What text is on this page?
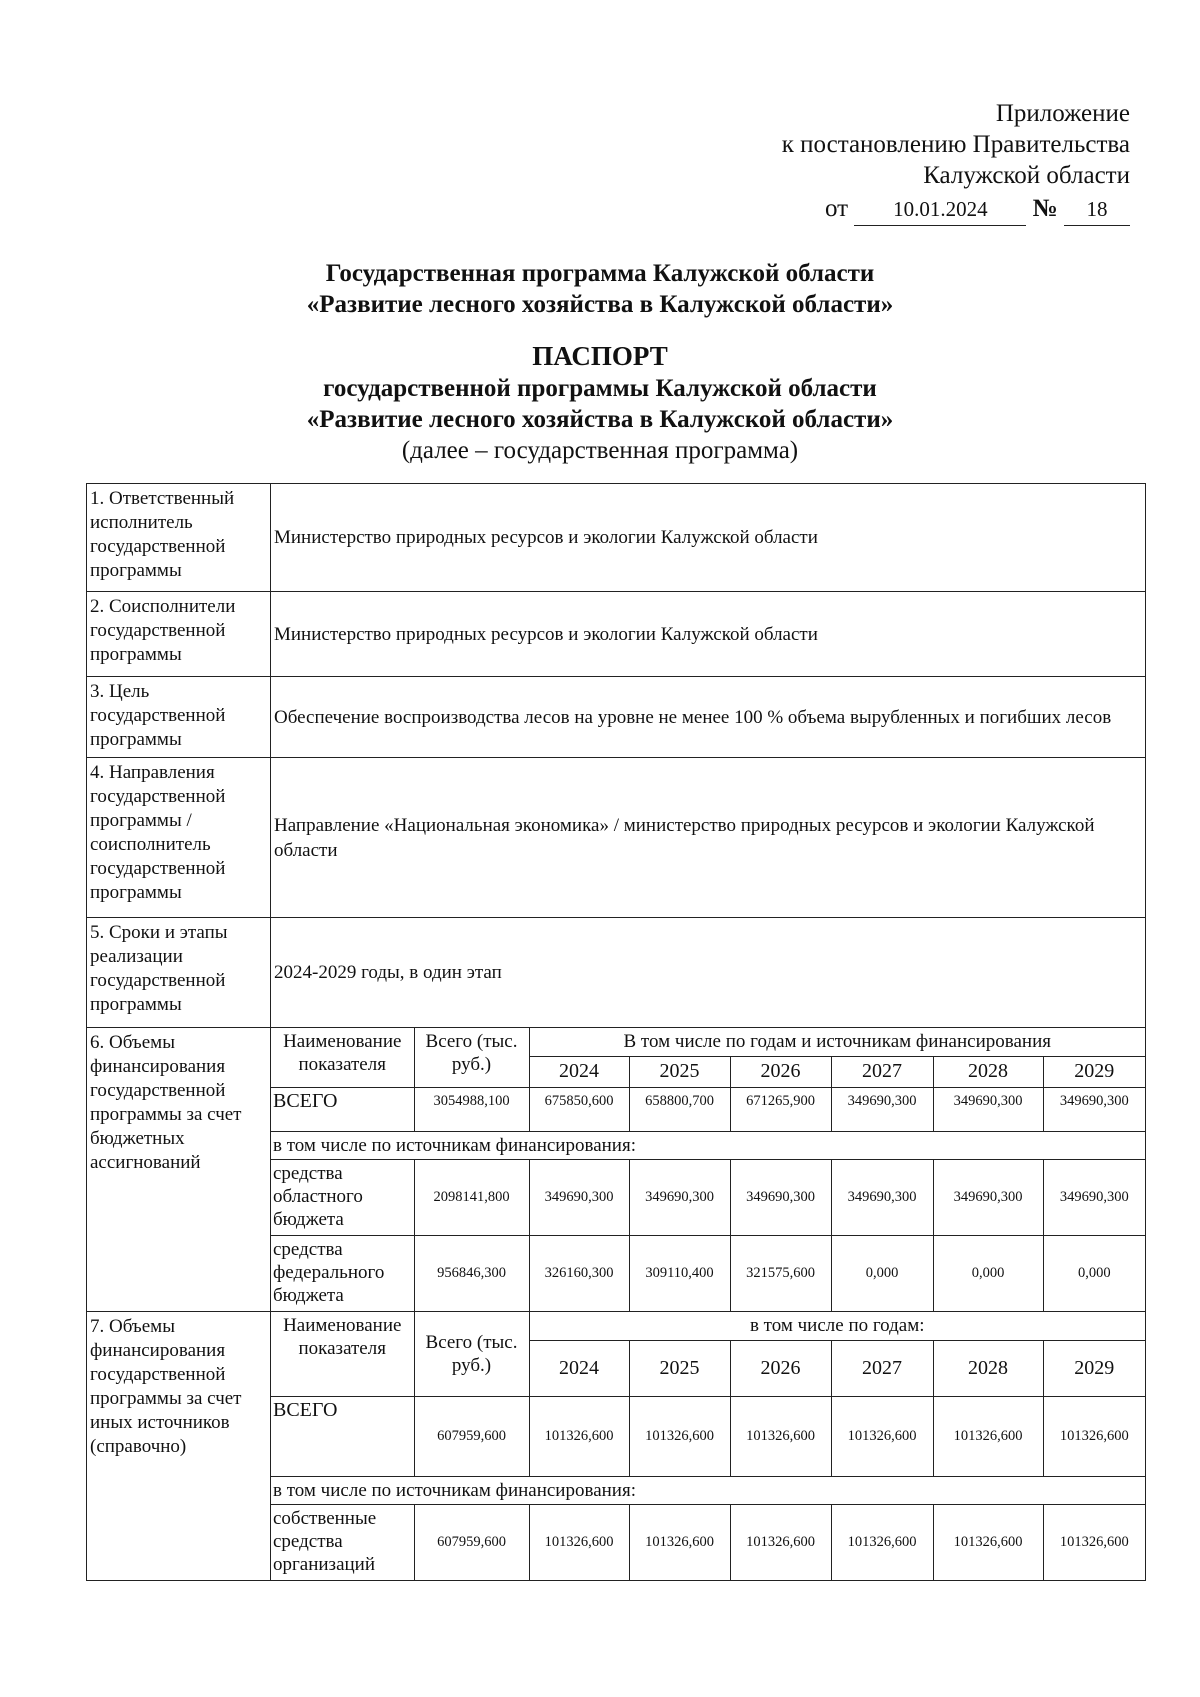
Приложение
к постановлению Правительства
Калужской области
от 10.01.2024 № 18
Государственная программа Калужской области
«Развитие лесного хозяйства в Калужской области»
ПАСПОРТ
государственной программы Калужской области
«Развитие лесного хозяйства в Калужской области»
(далее – государственная программа)
1. Ответственный исполнитель государственной программы	Министерство природных ресурсов и экологии Калужской области
2. Соисполнители государственной программы	Министерство природных ресурсов и экологии Калужской области
3. Цель государственной программы	Обеспечение воспроизводства лесов на уровне не менее 100 % объема вырубленных и погибших лесов
4. Направления государственной программы / соисполнитель государственной программы	Направление «Национальная экономика» / министерство природных ресурсов и экологии Калужской области
5. Сроки и этапы реализации государственной программы	2024-2029 годы, в один этап
6. Объемы финансирования государственной программы за счет бюджетных ассигнований	
Наименование показателя	Всего (тыс. руб.)	В том числе по годам и источникам финансирования
2024	2025	2026	2027	2028	2029
ВСЕГО	3054988,100	675850,600	658800,700	671265,900	349690,300	349690,300	349690,300
в том числе по источникам финансирования:
средства областного бюджета	2098141,800	349690,300	349690,300	349690,300	349690,300	349690,300	349690,300
средства федерального бюджета	956846,300	326160,300	309110,400	321575,600	0,000	0,000	0,000

7. Объемы финансирования государственной программы за счет иных источников (справочно)	
Наименование показателя	Всего (тыс. руб.)	в том числе по годам:
2024	2025	2026	2027	2028	2029
ВСЕГО	607959,600	101326,600	101326,600	101326,600	101326,600	101326,600	101326,600
в том числе по источникам финансирования:
собственные средства организаций	607959,600	101326,600	101326,600	101326,600	101326,600	101326,600	101326,600
